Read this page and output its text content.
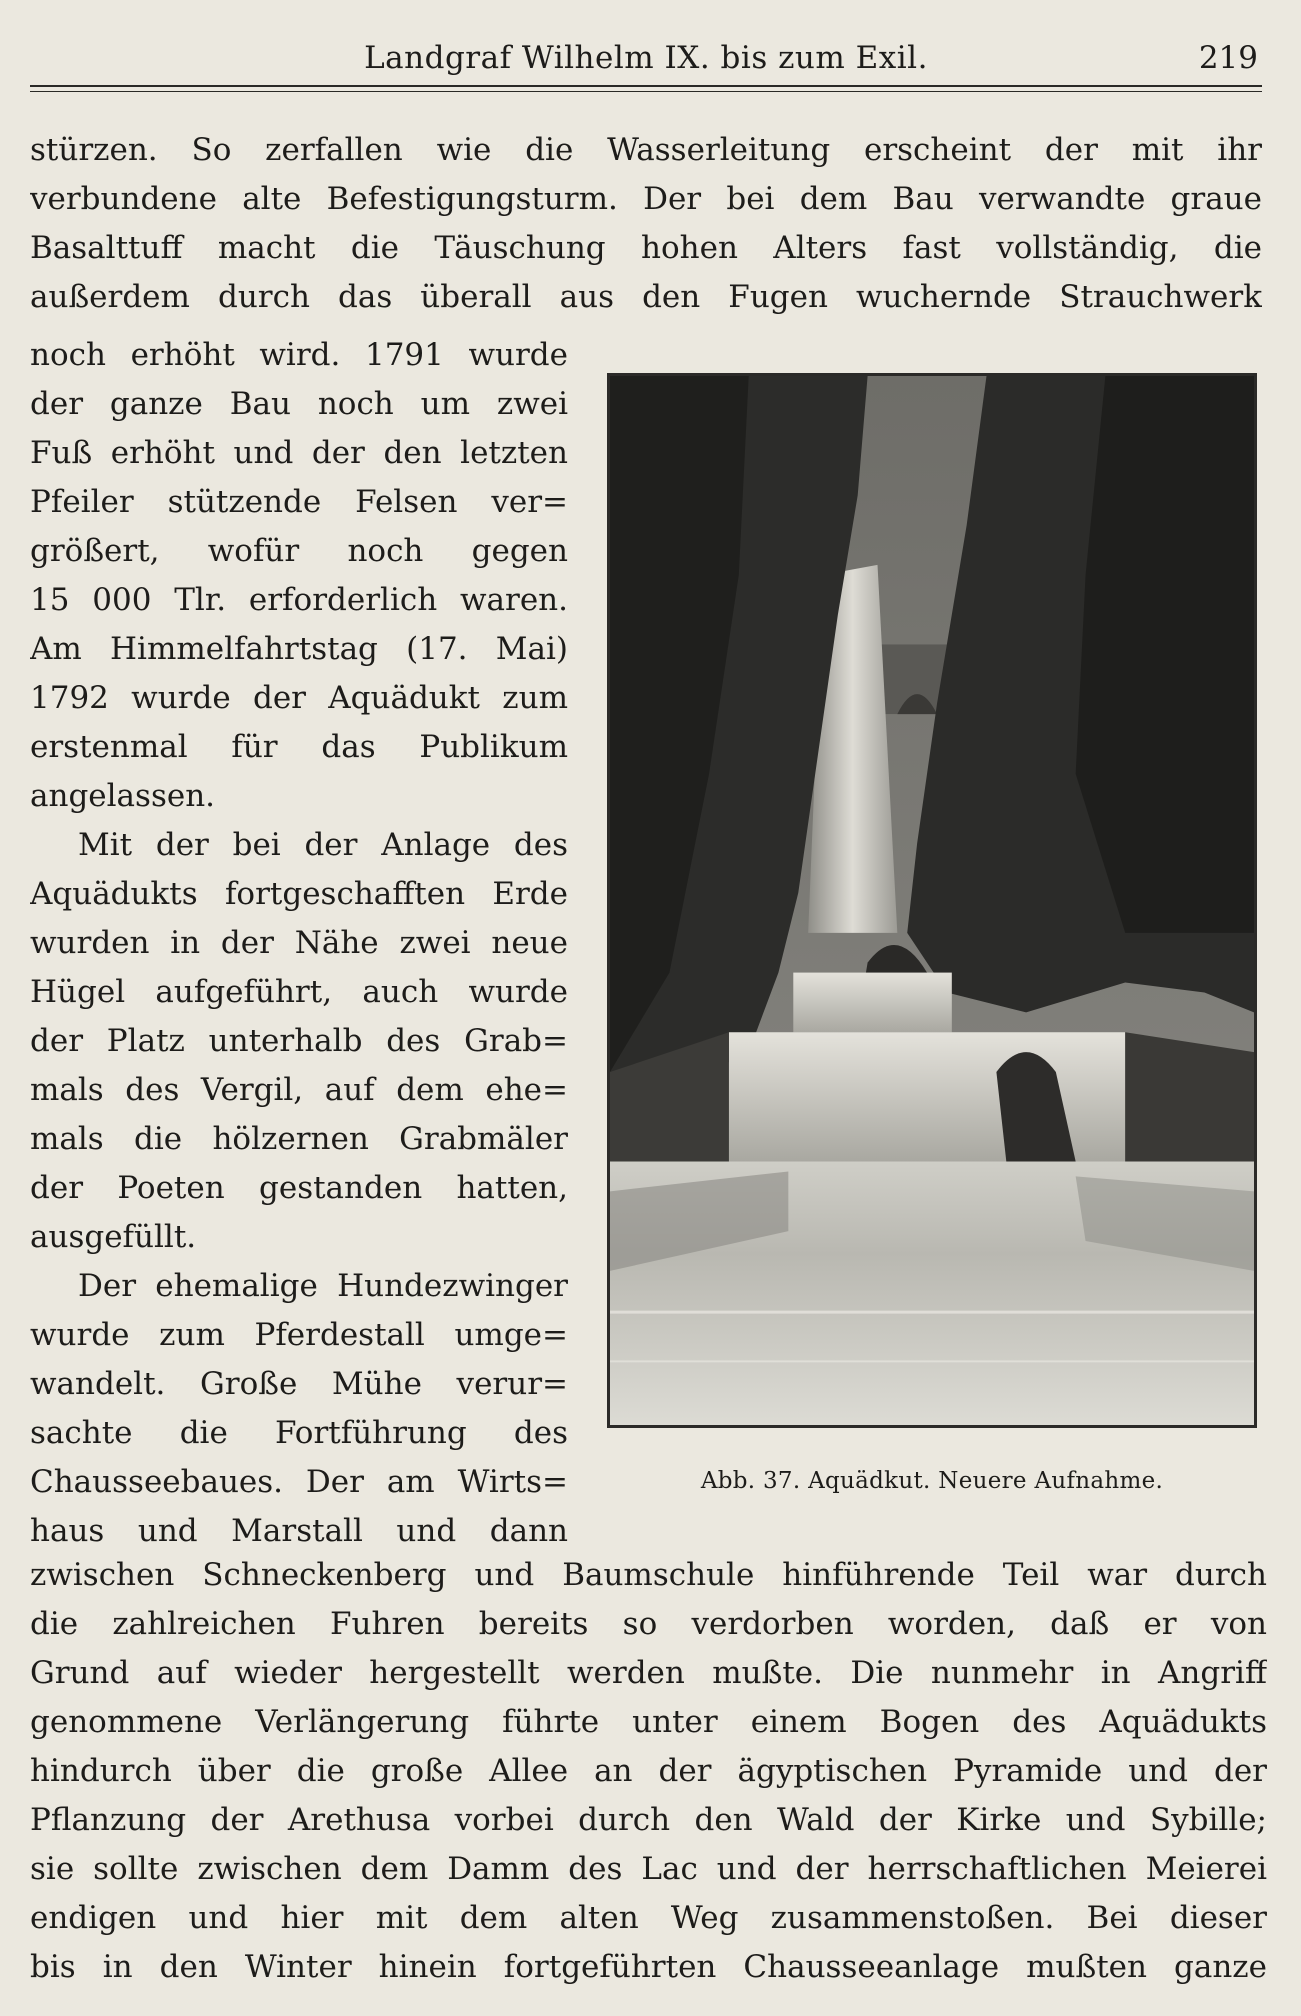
Landgraf Wilhelm IX. bis zum Exil.	219
stürzen. So zerfallen wie die Wasserleitung erscheint der mit ihr
verbundene alte Befestigungsturm. Der bei dem Bau verwandte graue
Basalttuff macht die Täuschung hohen Alters fast vollständig, die
außerdem durch das überall aus den Fugen wuchernde Strauchwerk
noch erhöht wird. 1791 wurde
der ganze Bau noch um zwei
Fuß erhöht und der den letzten
Pfeiler stützende Felsen ver=
größert, wofür noch gegen
15 000 Tlr. erforderlich waren.
Am Himmelfahrtstag (17. Mai)
1792 wurde der Aquädukt zum
erstenmal für das Publikum
angelassen.
Mit der bei der Anlage des
Aquädukts fortgeschafften Erde
wurden in der Nähe zwei neue
Hügel aufgeführt, auch wurde
der Platz unterhalb des Grab=
mals des Vergil, auf dem ehe=
mals die hölzernen Grabmäler
der Poeten gestanden hatten,
ausgefüllt.
Der ehemalige Hundezwinger
wurde zum Pferdestall umge=
wandelt. Große Mühe verur=
sachte die Fortführung des
Chausseebaues. Der am Wirts=
haus und Marstall und dann
Abb. 37. Aquädkut. Neuere Aufnahme.
zwischen Schneckenberg und Baumschule hinführende Teil war durch
die zahlreichen Fuhren bereits so verdorben worden, daß er von
Grund auf wieder hergestellt werden mußte. Die nunmehr in Angriff
genommene Verlängerung führte unter einem Bogen des Aquädukts
hindurch über die große Allee an der ägyptischen Pyramide und der
Pflanzung der Arethusa vorbei durch den Wald der Kirke und Sybille;
sie sollte zwischen dem Damm des Lac und der herrschaftlichen Meierei
endigen und hier mit dem alten Weg zusammenstoßen. Bei dieser
bis in den Winter hinein fortgeführten Chausseeanlage mußten ganze
